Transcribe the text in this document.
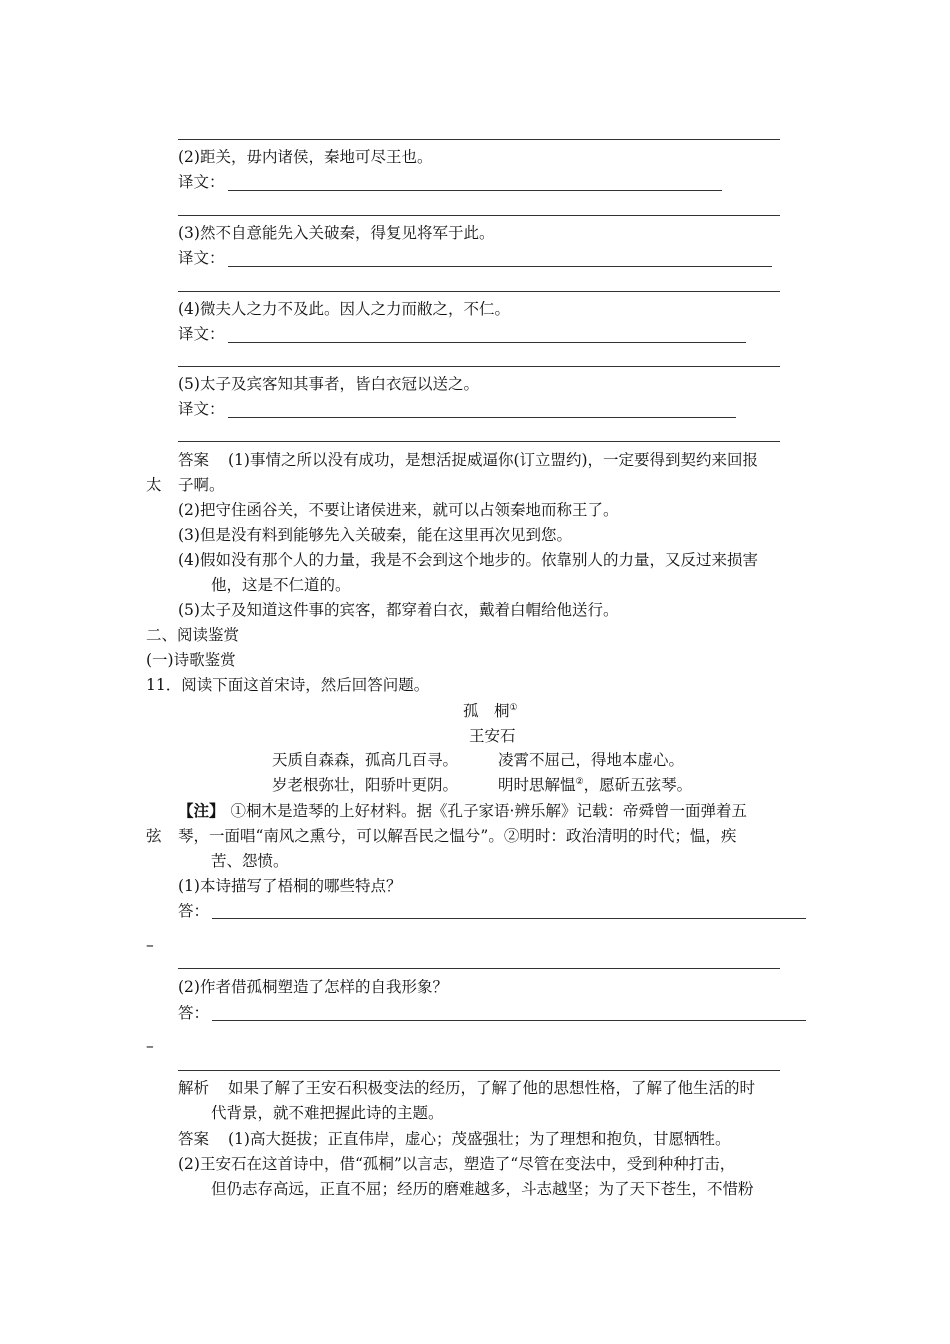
(2)距关，毋内诸侯，秦地可尽王也。
译文：
(3)然不自意能先入关破秦，得复见将军于此。
译文：
(4)微夫人之力不及此。因人之力而敝之，不仁。
译文：
(5)太子及宾客知其事者，皆白衣冠以送之。
译文：
答案 (1)事情之所以没有成功，是想活捉威逼你(订立盟约)，一定要得到契约来回报
太 子啊。
(2)把守住函谷关，不要让诸侯进来，就可以占领秦地而称王了。
(3)但是没有料到能够先入关破秦，能在这里再次见到您。
(4)假如没有那个人的力量，我是不会到这个地步的。依靠别人的力量，又反过来损害
他，这是不仁道的。
(5)太子及知道这件事的宾客，都穿着白衣，戴着白帽给他送行。
二、阅读鉴赏
(一)诗歌鉴赏
11．阅读下面这首宋诗，然后回答问题。
孤　桐①
王安石
天质自森森，孤高几百寻。	凌霄不屈己，得地本虚心。
岁老根弥壮，阳骄叶更阴。	明时思解愠②，愿斫五弦琴。
【注】 ①桐木是造琴的上好材料。据《孔子家语·辨乐解》记载：帝舜曾一面弹着五
弦 琴，一面唱“南风之熏兮，可以解吾民之愠兮”。②明时：政治清明的时代；愠，疾
苦、怨愤。
(1)本诗描写了梧桐的哪些特点？
答：
–
(2)作者借孤桐塑造了怎样的自我形象？
答：
–
解析 如果了解了王安石积极变法的经历，了解了他的思想性格，了解了他生活的时
代背景，就不难把握此诗的主题。
答案 (1)高大挺拔；正直伟岸，虚心；茂盛强壮；为了理想和抱负，甘愿牺牲。
(2)王安石在这首诗中，借“孤桐”以言志，塑造了“尽管在变法中，受到种种打击，
但仍志存高远，正直不屈；经历的磨难越多，斗志越坚；为了天下苍生，不惜粉
